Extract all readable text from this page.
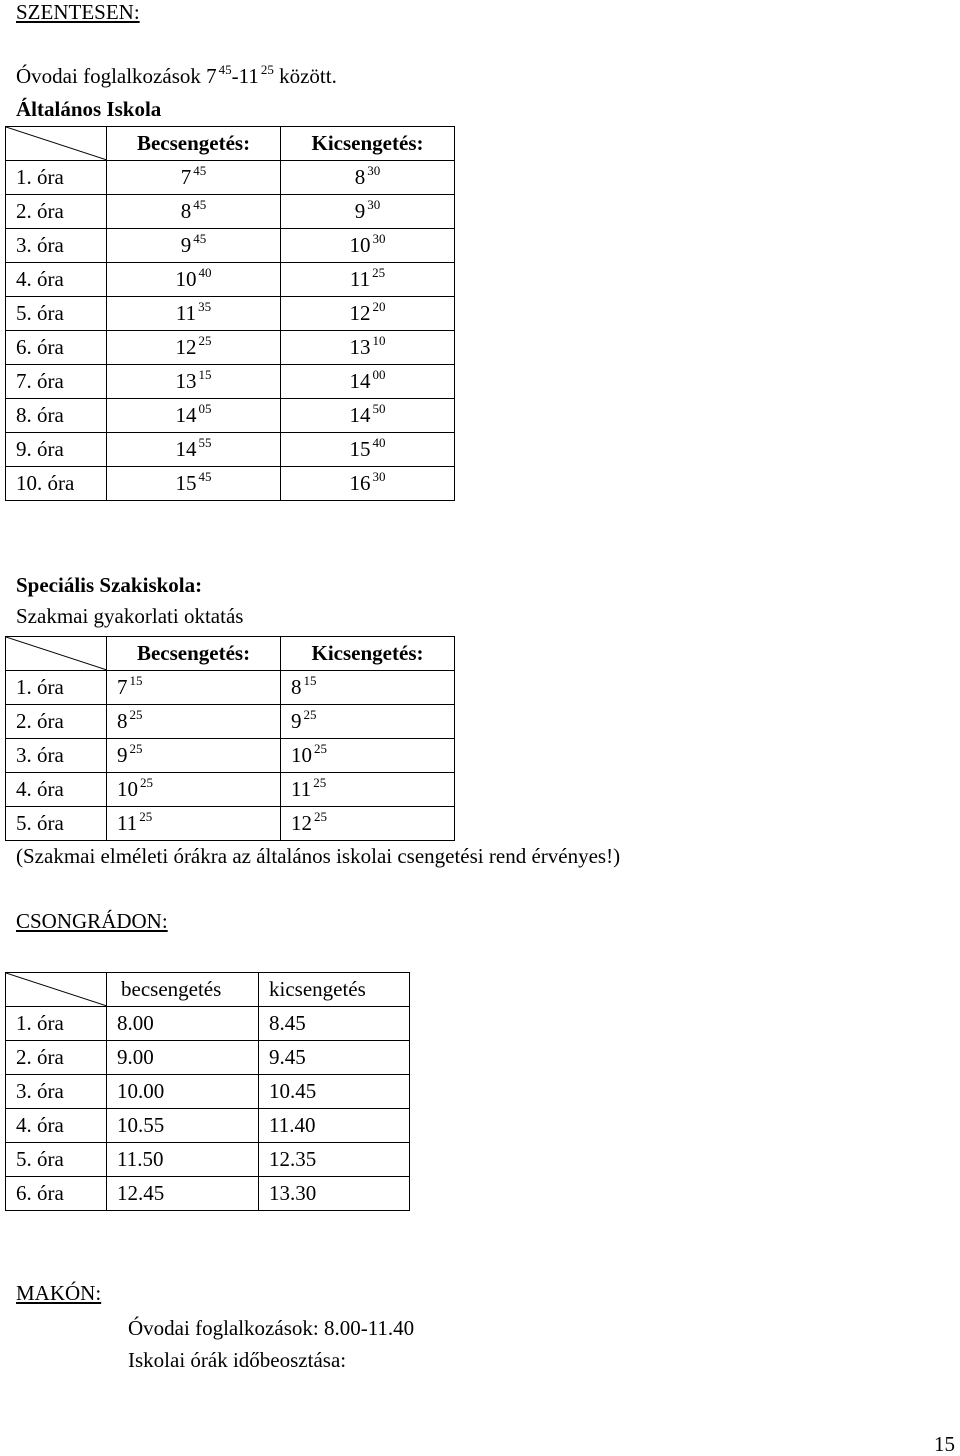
SZENTESEN:
Óvodai foglalkozások 7 $^{45}$-11 $^{25}$ között.
Általános Iskola
	Becsengetés:	Kicsengetés:
1. óra	7 $^{45}$	8 $^{30}$
2. óra	8 $^{45}$	9 $^{30}$
3. óra	9 $^{45}$	10 $^{30}$
4. óra	10 $^{40}$	11 $^{25}$
5. óra	11 $^{35}$	12 $^{20}$
6. óra	12 $^{25}$	13 $^{10}$
7. óra	13 $^{15}$	14 $^{00}$
8. óra	14 $^{05}$	14 $^{50}$
9. óra	14 $^{55}$	15 $^{40}$
10. óra	15 $^{45}$	16 $^{30}$
Speciális Szakiskola:
Szakmai gyakorlati oktatás
	Becsengetés:	Kicsengetés:
1. óra	7 $^{15}$	8 $^{15}$
2. óra	8 $^{25}$	9 $^{25}$
3. óra	9 $^{25}$	10 $^{25}$
4. óra	10 $^{25}$	11 $^{25}$
5. óra	11 $^{25}$	12 $^{25}$
(Szakmai elméleti órákra az általános iskolai csengetési rend érvényes!)
CSONGRÁDON:
	becsengetés	kicsengetés
1. óra	8.00	8.45
2. óra	9.00	9.45
3. óra	10.00	10.45
4. óra	10.55	11.40
5. óra	11.50	12.35
6. óra	12.45	13.30
MAKÓN:
Óvodai foglalkozások: 8.00-11.40
Iskolai órák időbeosztása:
15
